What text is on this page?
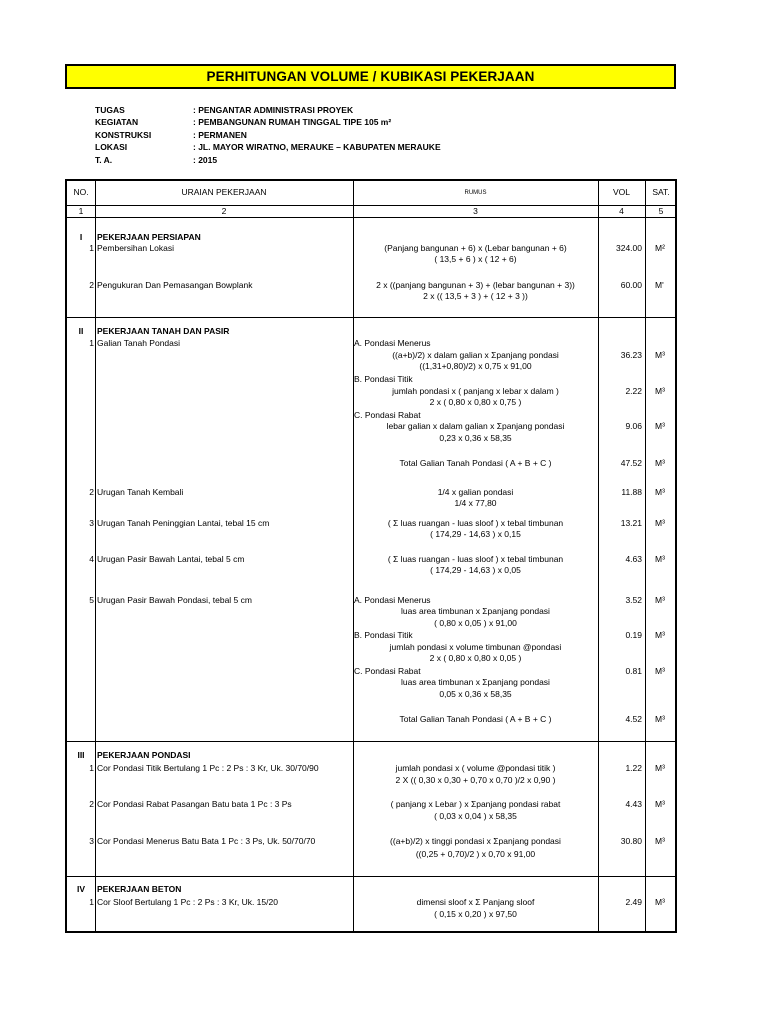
PERHITUNGAN VOLUME / KUBIKASI PEKERJAAN
TUGAS	: PENGANTAR ADMINISTRASI PROYEK
KEGIATAN	: PEMBANGUNAN RUMAH TINGGAL TIPE 105 m²
KONSTRUKSI	: PERMANEN
LOKASI	: JL. MAYOR WIRATNO, MERAUKE – KABUPATEN MERAUKE
T. A.	: 2015
NO.	URAIAN PEKERJAAN	RUMUS	VOL	SAT.
1	2	3	4	5
I	PEKERJAAN PERSIAPAN
1 Pembersihan Lokasi	(Panjang bangunan + 6) x (Lebar bangunan + 6)	324.00 M²
( 13,5 + 6 ) x ( 12 + 6)
2 Pengukuran Dan Pemasangan Bowplank	2 x ((panjang bangunan + 3) + (lebar bangunan + 3))	60.00 M'
2 x (( 13,5 + 3 ) + ( 12 + 3 ))
II	PEKERJAAN TANAH DAN PASIR
1 Galian Tanah Pondasi	A. Pondasi Menerus
((a+b)/2) x dalam galian x Σpanjang pondasi	36.23 M³
((1,31+0,80)/2) x 0,75 x 91,00
B. Pondasi Titik
jumlah pondasi x ( panjang x lebar x dalam )	2.22 M³
2 x ( 0,80 x 0,80 x 0,75 )
C. Pondasi Rabat
lebar galian x dalam galian x Σpanjang pondasi	9.06 M³
0,23 x 0,36 x 58,35
Total Galian Tanah Pondasi ( A + B + C )	47.52 M³
2 Urugan Tanah Kembali	1/4 x galian pondasi	11.88 M³
1/4 x 77,80
3 Urugan Tanah Peninggian Lantai, tebal 15 cm	( Σ luas ruangan - luas sloof ) x tebal timbunan	13.21 M³
( 174,29 - 14,63 ) x 0,15
4 Urugan Pasir Bawah Lantai, tebal 5 cm	( Σ luas ruangan - luas sloof ) x tebal timbunan	4.63 M³
( 174,29 - 14,63 ) x 0,05
5 Urugan Pasir Bawah Pondasi, tebal 5 cm	A. Pondasi Menerus	3.52 M³
luas area timbunan x Σpanjang pondasi
( 0,80 x 0,05 ) x 91,00
B. Pondasi Titik	0.19 M³
jumlah pondasi x volume timbunan @pondasi
2 x ( 0,80 x 0,80 x 0,05 )
C. Pondasi Rabat	0.81 M³
luas area timbunan x Σpanjang pondasi
0,05 x 0,36 x 58,35
Total Galian Tanah Pondasi ( A + B + C )	4.52 M³
III	PEKERJAAN PONDASI
1 Cor Pondasi Titik Bertulang 1 Pc : 2 Ps : 3 Kr, Uk. 30/70/90	jumlah pondasi x ( volume @pondasi titik )	1.22 M³
2 X (( 0,30 x 0,30 + 0,70 x 0,70 )/2 x 0,90 )
2 Cor Pondasi Rabat Pasangan Batu bata 1 Pc : 3 Ps	( panjang x Lebar ) x Σpanjang pondasi rabat	4.43 M³
( 0,03 x 0,04 ) x 58,35
3 Cor Pondasi Menerus Batu Bata 1 Pc : 3 Ps, Uk. 50/70/70	((a+b)/2) x tinggi pondasi x Σpanjang pondasi	30.80 M³
((0,25 + 0,70)/2 ) x 0,70 x 91,00
IV	PEKERJAAN BETON
1 Cor Sloof Bertulang 1 Pc : 2 Ps : 3 Kr, Uk. 15/20	dimensi sloof x Σ Panjang sloof	2.49 M³
( 0,15 x 0,20 ) x 97,50
